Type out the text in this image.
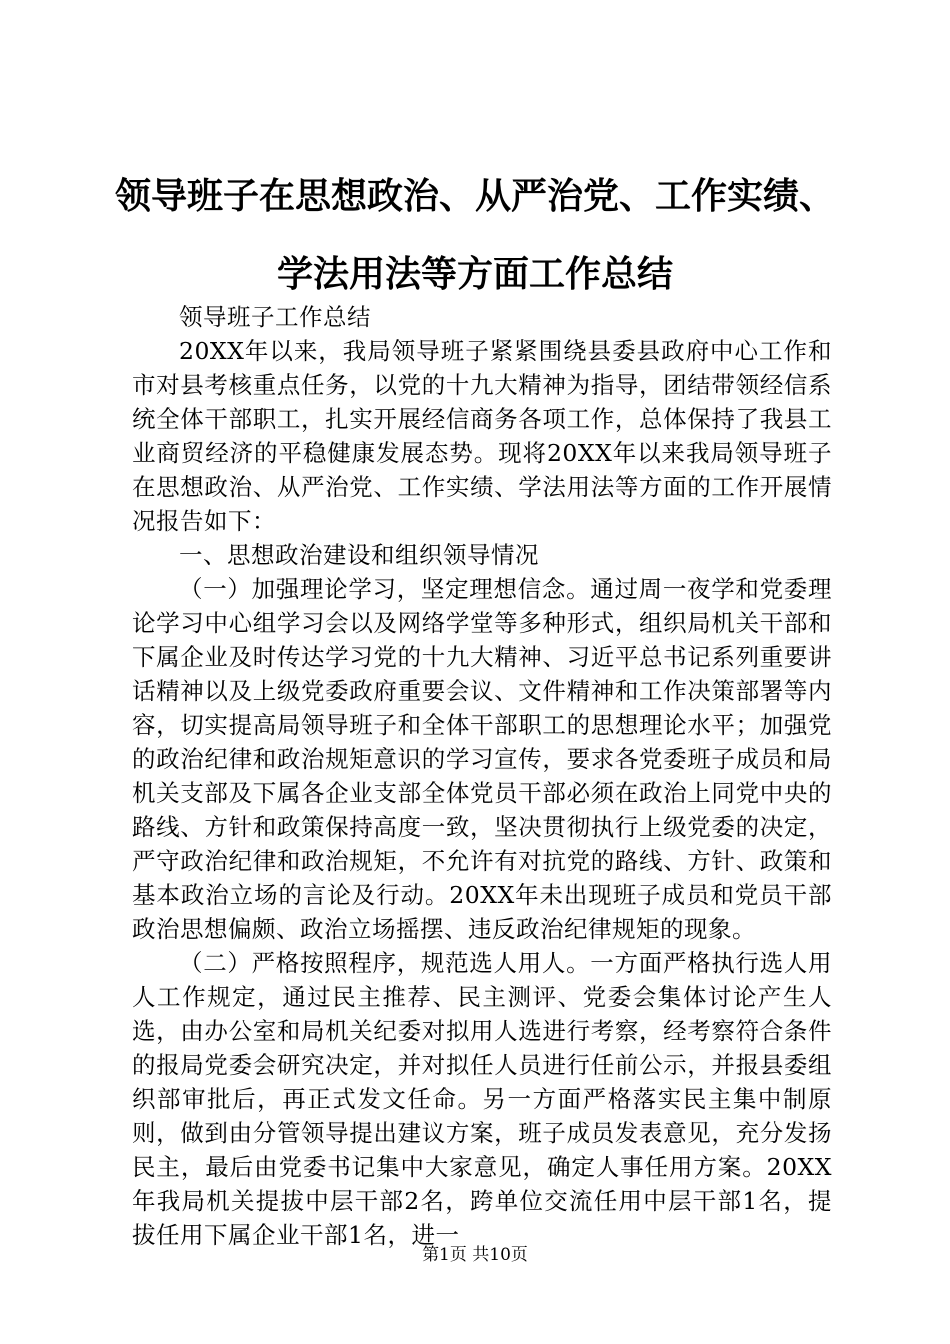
领导班子在思想政治、从严治党、工作实绩、
学法用法等方面工作总结

领导班子工作总结

20XX年以来，我局领导班子紧紧围绕县委县政府中心工作和市对县考核重点任务，以党的十九大精神为指导，团结带领经信系统全体干部职工，扎实开展经信商务各项工作，总体保持了我县工业商贸经济的平稳健康发展态势。现将20XX年以来我局领导班子在思想政治、从严治党、工作实绩、学法用法等方面的工作开展情况报告如下：

一、思想政治建设和组织领导情况

（一）加强理论学习，坚定理想信念。通过周一夜学和党委理论学习中心组学习会以及网络学堂等多种形式，组织局机关干部和下属企业及时传达学习党的十九大精神、习近平总书记系列重要讲话精神以及上级党委政府重要会议、文件精神和工作决策部署等内容，切实提高局领导班子和全体干部职工的思想理论水平；加强党的政治纪律和政治规矩意识的学习宣传，要求各党委班子成员和局机关支部及下属各企业支部全体党员干部必须在政治上同党中央的路线、方针和政策保持高度一致，坚决贯彻执行上级党委的决定，严守政治纪律和政治规矩，不允许有对抗党的路线、方针、政策和基本政治立场的言论及行动。20XX年未出现班子成员和党员干部政治思想偏颇、政治立场摇摆、违反政治纪律规矩的现象。

（二）严格按照程序，规范选人用人。一方面严格执行选人用人工作规定，通过民主推荐、民主测评、党委会集体讨论产生人选，由办公室和局机关纪委对拟用人选进行考察，经考察符合条件的报局党委会研究决定，并对拟任人员进行任前公示，并报县委组织部审批后，再正式发文任命。另一方面严格落实民主集中制原则，做到由分管领导提出建议方案，班子成员发表意见，充分发扬民主，最后由党委书记集中大家意见，确定人事任用方案。20XX年我局机关提拔中层干部2名，跨单位交流任用中层干部1名，提拔任用下属企业干部1名，进一

第1页 共10页
